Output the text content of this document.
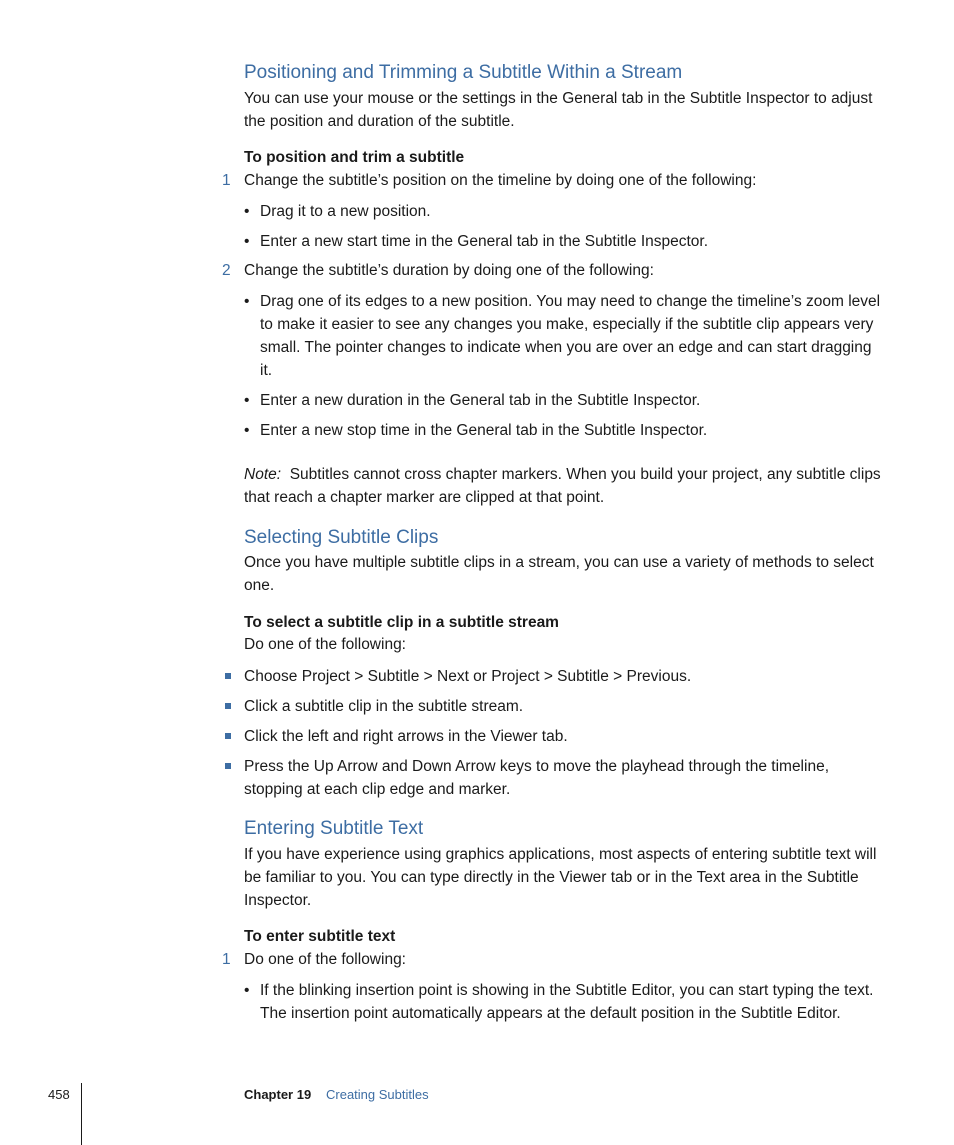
Positioning and Trimming a Subtitle Within a Stream
You can use your mouse or the settings in the General tab in the Subtitle Inspector to adjust the position and duration of the subtitle.
To position and trim a subtitle
1 Change the subtitle’s position on the timeline by doing one of the following:
• Drag it to a new position.
• Enter a new start time in the General tab in the Subtitle Inspector.
2 Change the subtitle’s duration by doing one of the following:
• Drag one of its edges to a new position. You may need to change the timeline’s zoom level to make it easier to see any changes you make, especially if the subtitle clip appears very small. The pointer changes to indicate when you are over an edge and can start dragging it.
• Enter a new duration in the General tab in the Subtitle Inspector.
• Enter a new stop time in the General tab in the Subtitle Inspector.
Note: Subtitles cannot cross chapter markers. When you build your project, any subtitle clips that reach a chapter marker are clipped at that point.
Selecting Subtitle Clips
Once you have multiple subtitle clips in a stream, you can use a variety of methods to select one.
To select a subtitle clip in a subtitle stream
Do one of the following:
Choose Project > Subtitle > Next or Project > Subtitle > Previous.
Click a subtitle clip in the subtitle stream.
Click the left and right arrows in the Viewer tab.
Press the Up Arrow and Down Arrow keys to move the playhead through the timeline, stopping at each clip edge and marker.
Entering Subtitle Text
If you have experience using graphics applications, most aspects of entering subtitle text will be familiar to you. You can type directly in the Viewer tab or in the Text area in the Subtitle Inspector.
To enter subtitle text
1 Do one of the following:
• If the blinking insertion point is showing in the Subtitle Editor, you can start typing the text. The insertion point automatically appears at the default position in the Subtitle Editor.
458	Chapter 19 Creating Subtitles
